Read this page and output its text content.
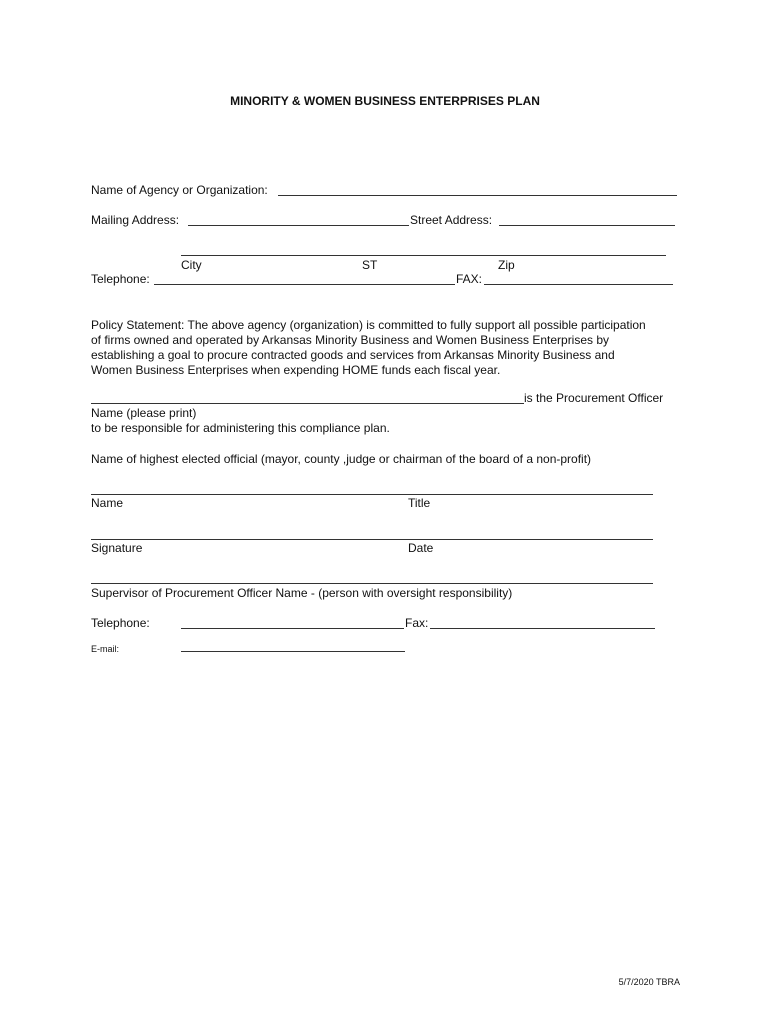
MINORITY & WOMEN BUSINESS ENTERPRISES PLAN
Name of Agency or Organization:
Mailing Address:	Street Address:
City	ST	Zip
Telephone:	FAX:
Policy Statement: The above agency (organization) is committed to fully support all possible participation
of firms owned and operated by Arkansas Minority Business and Women Business Enterprises by
establishing a goal to procure contracted goods and services from Arkansas Minority Business and
Women Business Enterprises when expending HOME funds each fiscal year.
is the Procurement Officer
Name (please print)
to be responsible for administering this compliance plan.
Name of highest elected official (mayor, county ,judge or chairman of the board of a non-profit)
Name	Title
Signature	Date
Supervisor of Procurement Officer Name - (person with oversight responsibility)
Telephone:	Fax:
E-mail:
5/7/2020 TBRA
